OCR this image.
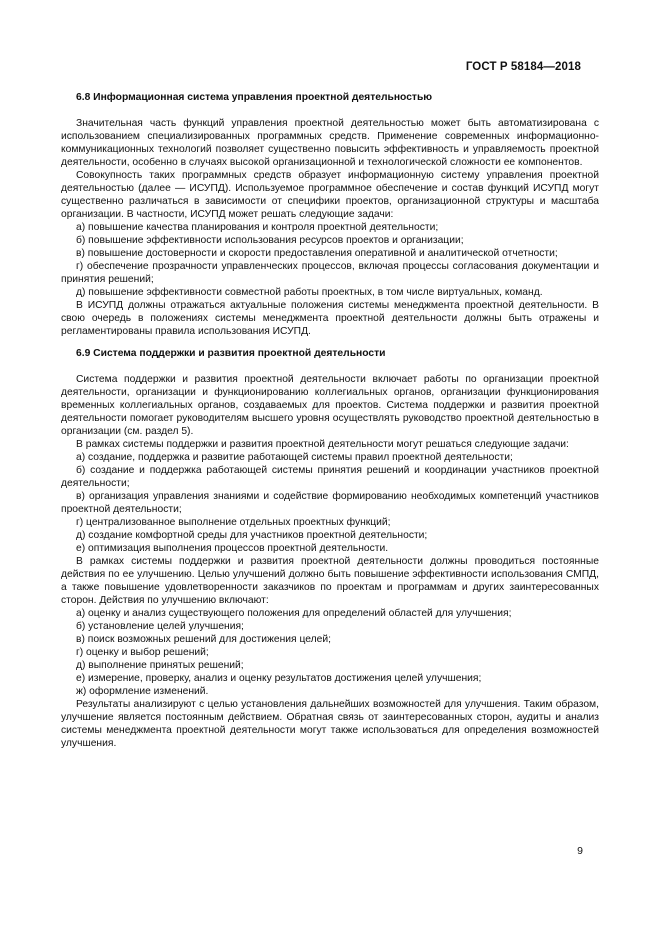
ГОСТ Р 58184—2018
6.8 Информационная система управления проектной деятельностью

Значительная часть функций управления проектной деятельностью может быть автоматизирована с использованием специализированных программных средств. Применение современных информационно-коммуникационных технологий позволяет существенно повысить эффективность и управляемость проектной деятельности, особенно в случаях высокой организационной и технологической сложности ее компонентов.

Совокупность таких программных средств образует информационную систему управления проектной деятельностью (далее — ИСУПД). Используемое программное обеспечение и состав функций ИСУПД могут существенно различаться в зависимости от специфики проектов, организационной структуры и масштаба организации. В частности, ИСУПД может решать следующие задачи:

а) повышение качества планирования и контроля проектной деятельности;

б) повышение эффективности использования ресурсов проектов и организации;

в) повышение достоверности и скорости предоставления оперативной и аналитической отчетности;

г) обеспечение прозрачности управленческих процессов, включая процессы согласования документации и принятия решений;

д) повышение эффективности совместной работы проектных, в том числе виртуальных, команд.

В ИСУПД должны отражаться актуальные положения системы менеджмента проектной деятельности. В свою очередь в положениях системы менеджмента проектной деятельности должны быть отражены и регламентированы правила использования ИСУПД.

6.9 Система поддержки и развития проектной деятельности

Система поддержки и развития проектной деятельности включает работы по организации проектной деятельности, организации и функционированию коллегиальных органов, организации функционирования временных коллегиальных органов, создаваемых для проектов. Система поддержки и развития проектной деятельности помогает руководителям высшего уровня осуществлять руководство проектной деятельностью в организации (см. раздел 5).

В рамках системы поддержки и развития проектной деятельности могут решаться следующие задачи:

а) создание, поддержка и развитие работающей системы правил проектной деятельности;

б) создание и поддержка работающей системы принятия решений и координации участников проектной деятельности;

в) организация управления знаниями и содействие формированию необходимых компетенций участников проектной деятельности;

г) централизованное выполнение отдельных проектных функций;

д) создание комфортной среды для участников проектной деятельности;

е) оптимизация выполнения процессов проектной деятельности.

В рамках системы поддержки и развития проектной деятельности должны проводиться постоянные действия по ее улучшению. Целью улучшений должно быть повышение эффективности использования СМПД, а также повышение удовлетворенности заказчиков по проектам и программам и других заинтересованных сторон. Действия по улучшению включают:

а) оценку и анализ существующего положения для определений областей для улучшения;

б) установление целей улучшения;

в) поиск возможных решений для достижения целей;

г) оценку и выбор решений;

д) выполнение принятых решений;

е) измерение, проверку, анализ и оценку результатов достижения целей улучшения;

ж) оформление изменений.

Результаты анализируют с целью установления дальнейших возможностей для улучшения. Таким образом, улучшение является постоянным действием. Обратная связь от заинтересованных сторон, аудиты и анализ системы менеджмента проектной деятельности могут также использоваться для определения возможностей улучшения.

9
